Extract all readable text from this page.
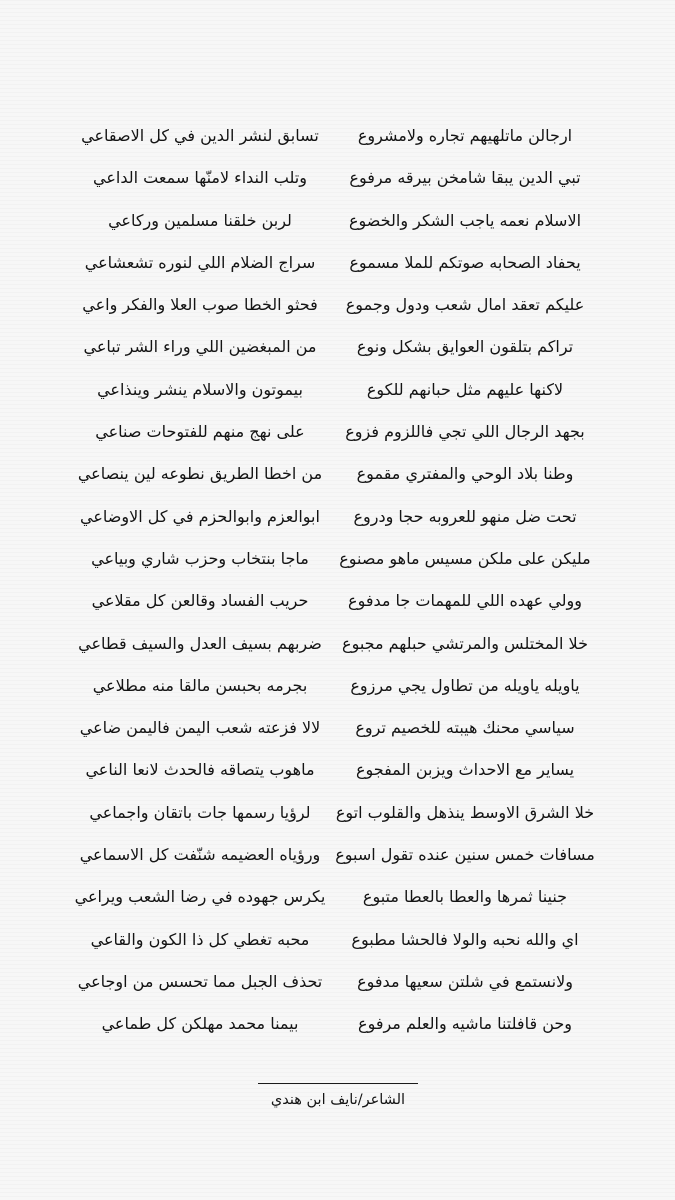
ارجالن ماتلهيهم تجاره ولامشروع
تسابق لنشر الدين في كل الاصقاعي
تبي الدين يبقا شامخن بيرقه مرفوع
وتلب النداء لامنّها سمعت الداعي
الاسلام نعمه ياجب الشكر والخضوع
لربن خلقنا مسلمين وركاعي
يحفاد الصحابه صوتكم للملا مسموع
سراج الضلام اللي لنوره تشعشاعي
عليكم تعقد امال شعب ودول وجموع
فحثو الخطا صوب العلا والفكر واعي
تراكم بتلقون العوايق بشكل ونوع
من المبغضين اللي وراء الشر تباعي
لاكنها عليهم مثل حبانهم للكوع
بيموتون والاسلام ينشر وينذاعي
بجهد الرجال اللي تجي فاللزوم فزوع
على نهج منهم للفتوحات صناعي
وطنا بلاد الوحي والمفتري مقموع
من اخطا الطريق نطوعه لين ينصاعي
تحت ضل منهو للعروبه حجا ودروع
ابوالعزم وابوالحزم في كل الاوضاعي
مليكن على ملكن مسيس ماهو مصنوع
ماجا بنتخاب وحزب شاري وبياعي
وولي عهده اللي للمهمات جا مدفوع
حريب الفساد وقالعن كل مقلاعي
خلا المختلس والمرتشي حبلهم مجبوع
ضربهم بسيف العدل والسيف قطاعي
ياويله ياويله من تطاول يجي مرزوع
بجرمه بحبسن مالقا منه مطلاعي
سياسي محنك هيبته للخصيم تروع
لالا فزعته شعب اليمن فاليمن ضاعي
يساير مع الاحداث ويزبن المفجوع
ماهوب يتصاقه فالحدث لانعا الناعي
خلا الشرق الاوسط ينذهل والقلوب اتوع
لرؤيا رسمها جات باتقان واجماعي
مسافات خمس سنين عنده تقول اسبوع
ورؤياه العضيمه شنّفت كل الاسماعي
جنينا ثمرها والعطا بالعطا متبوع
يكرس جهوده في رضا الشعب ويراعي
اي والله نحبه والولا فالحشا مطبوع
محبه تغطي كل ذا الكون والقاعي
ولانستمع في شلتن سعيها مدفوع
تحذف الجبل مما تحسس من اوجاعي
وحن قافلتنا ماشيه والعلم مرفوع
بيمنا محمد مهلكن كل طماعي
الشاعر/نايف ابن هندي
